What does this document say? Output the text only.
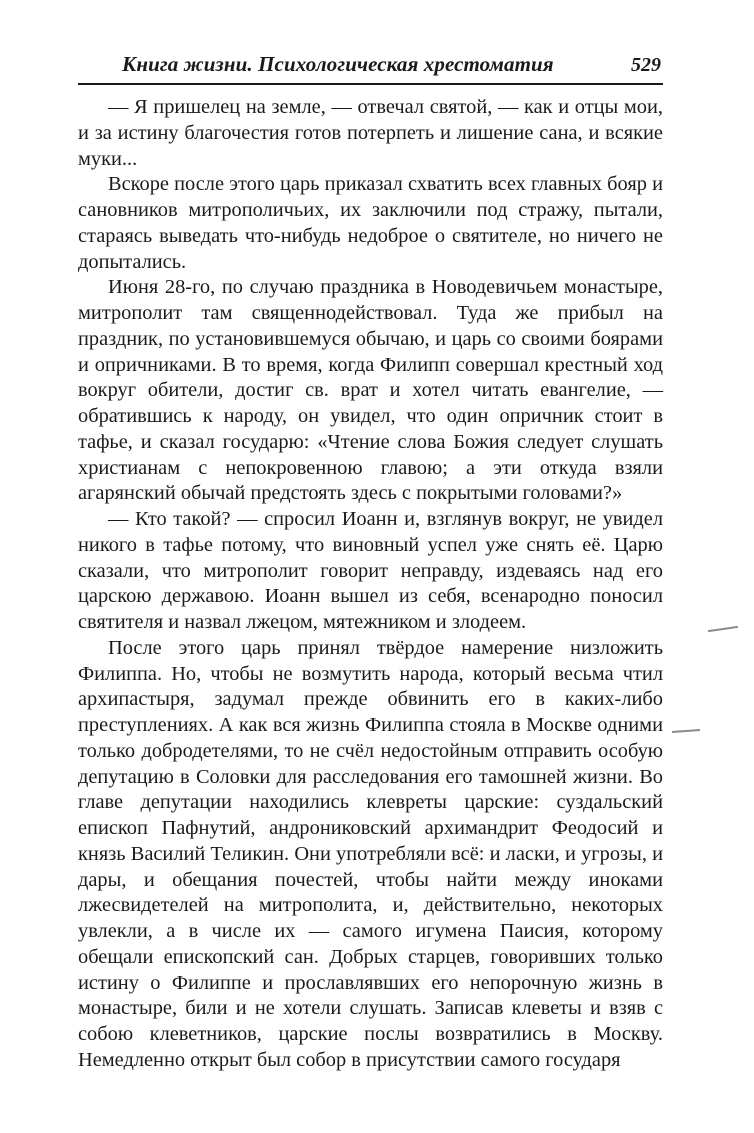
Книга жизни. Психологическая хрестоматия	529

— Я пришелец на земле, — отвечал святой, — как и отцы мои, и за истину благочестия готов потерпеть и лишение сана, и всякие муки...

Вскоре после этого царь приказал схватить всех главных бояр и сановников митрополичьих, их заключили под стражу, пытали, стараясь выведать что-нибудь недоброе о святителе, но ничего не допытались.

Июня 28-го, по случаю праздника в Новодевичьем монастыре, митрополит там священнодействовал. Туда же прибыл на праздник, по установившемуся обычаю, и царь со своими боярами и опричниками. В то время, когда Филипп совершал крестный ход вокруг обители, достиг св. врат и хотел читать евангелие, — обратившись к народу, он увидел, что один опричник стоит в тафье, и сказал государю: «Чтение слова Божия следует слушать христианам с непокровенною главою; а эти откуда взяли агарянский обычай предстоять здесь с покрытыми головами?»

— Кто такой? — спросил Иоанн и, взглянув вокруг, не увидел никого в тафье потому, что виновный успел уже снять её. Царю сказали, что митрополит говорит неправду, издеваясь над его царскою державою. Иоанн вышел из себя, всенародно поносил святителя и назвал лжецом, мятежником и злодеем.

После этого царь принял твёрдое намерение низложить Филиппа. Но, чтобы не возмутить народа, который весьма чтил архипастыря, задумал прежде обвинить его в каких-либо преступлениях. А как вся жизнь Филиппа стояла в Москве одними только добродетелями, то не счёл недостойным отправить особую депутацию в Соловки для расследования его тамошней жизни. Во главе депутации находились клевреты царские: суздальский епископ Пафнутий, андрониковский архимандрит Феодосий и князь Василий Теликин. Они употребляли всё: и ласки, и угрозы, и дары, и обещания почестей, чтобы найти между иноками лжесвидетелей на митрополита, и, действительно, некоторых увлекли, а в числе их — самого игумена Паисия, которому обещали епископский сан. Добрых старцев, говоривших только истину о Филиппе и прославлявших его непорочную жизнь в монастыре, били и не хотели слушать. Записав клеветы и взяв с собою клеветников, царские послы возвратились в Москву. Немедленно открыт был собор в присутствии самого государя
